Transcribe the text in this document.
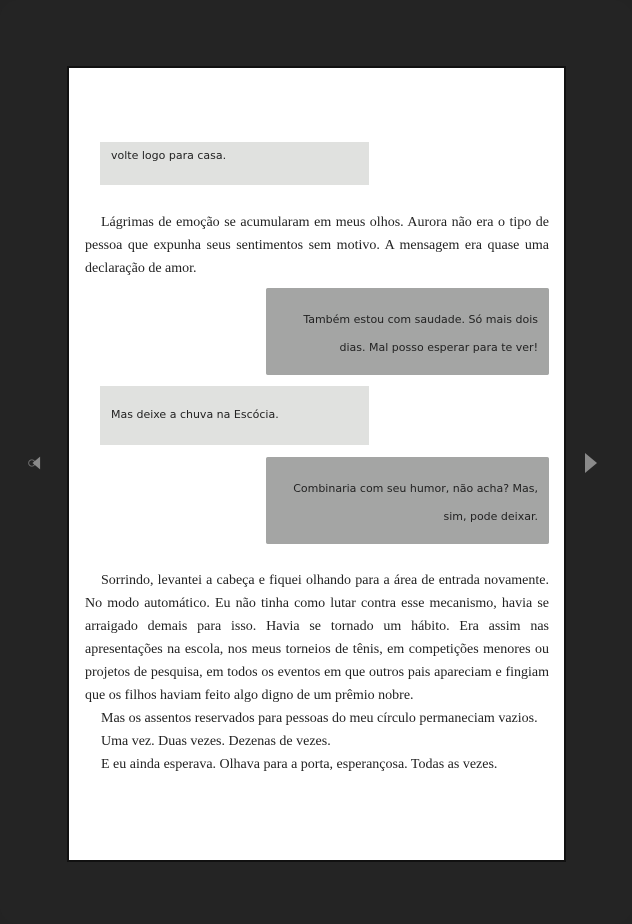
volte logo para casa.

Lágrimas de emoção se acumularam em meus olhos. Aurora não era o tipo de pessoa que expunha seus sentimentos sem motivo. A mensagem era quase uma declaração de amor.

Também estou com saudade. Só mais dois dias. Mal posso esperar para te ver!
Mas deixe a chuva na Escócia.
Combinaria com seu humor, não acha? Mas, sim, pode deixar.

Sorrindo, levantei a cabeça e fiquei olhando para a área de entrada novamente. No modo automático. Eu não tinha como lutar contra esse mecanismo, havia se arraigado demais para isso. Havia se tornado um hábito. Era assim nas apresentações na escola, nos meus torneios de tênis, em competições menores ou projetos de pesquisa, em todos os eventos em que outros pais apareciam e fingiam que os filhos haviam feito algo digno de um prêmio nobre.

Mas os assentos reservados para pessoas do meu círculo permaneciam vazios.

Uma vez. Duas vezes. Dezenas de vezes.

E eu ainda esperava. Olhava para a porta, esperançosa. Todas as vezes.
